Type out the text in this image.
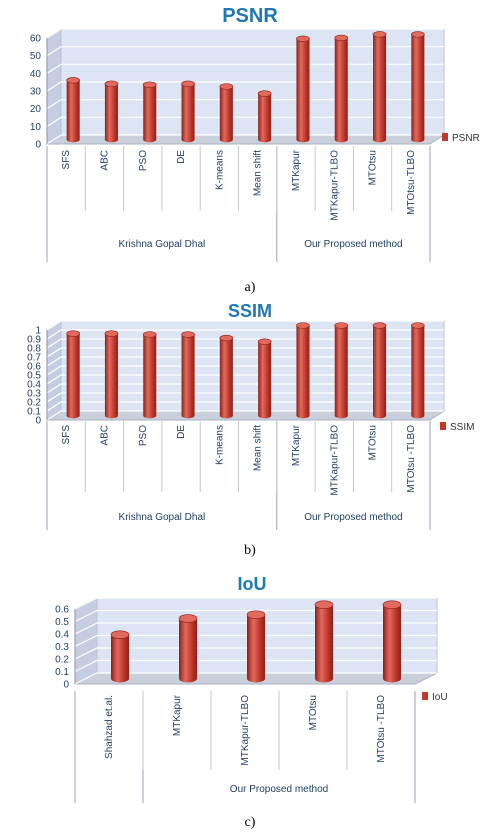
PSNR
a)
0
10
20
30
40
50
60
Krishna Gopal Dhal	Our Proposed method
SFS	ABC	PSO	DE	K-means	Mean shift	MTKapur	MTKapur-TLBO	MTOtsu	MTOtsu-TLBO
PSNR
SSIM
b)
0
0.1
0.2
0.3
0.4
0.5
0.6
0.7
0.8
0.9
1
Krishna Gopal Dhal	Our Proposed method
SFS	ABC	PSO	DE	K-means	Mean shift	MTKapur	MTKapur-TLBO	MTOtsu	MTOtsu -TLBO	SSIM
IoU
c)
0
0.1
0.2
0.3
0.4
0.5
0.6
Our Proposed method
Shahzad et.al.	MTKapur	MTKapur-TLBO	MTOtsu	MTOtsu -TLBO	IoU
